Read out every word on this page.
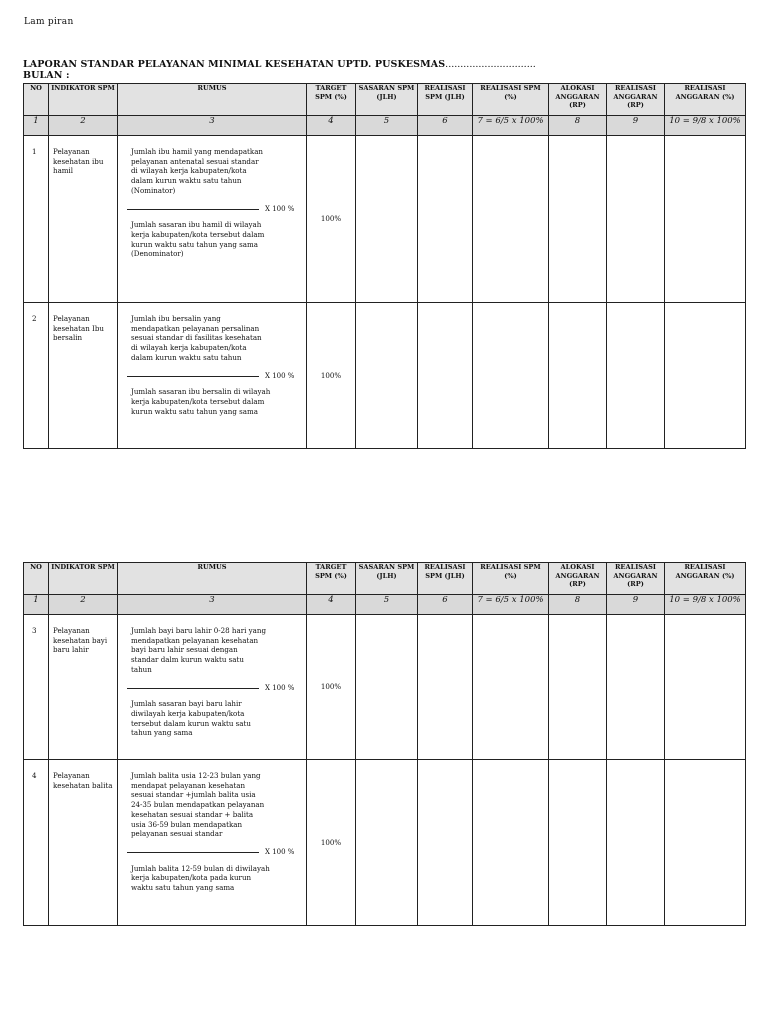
Lam piran
LAPORAN STANDAR PELAYANAN MINIMAL KESEHATAN UPTD. PUSKESMAS..............................
BULAN :
NO	INDIKATOR SPM	RUMUS	TARGET SPM (%)	SASARAN SPM (JLH)	REALISASI SPM (JLH)	REALISASI SPM (%)	ALOKASI ANGGARAN (RP)	REALISASI ANGGARAN (RP)	REALISASI ANGGARAN (%)
1	2	3	4	5	6	7 = 6/5 x 100%	8	9	10 = 9/8 x 100%
1	Pelayanan kesehatan ibu hamil	Jumlah ibu hamil yang mendapatkan pelayanan antenatal sesuai standar di wilayah kerja kabupaten/kota dalam kurun waktu satu tahun (Nominator)
X 100 %
Jumlah sasaran ibu hamil di wilayah kerja kabupaten/kota tersebut dalam kurun waktu satu tahun yang sama (Denominator)	100%						
2	Pelayanan kesehatan Ibu bersalin	Jumlah ibu bersalin yang mendapatkan pelayanan persalinan sesuai standar di fasilitas kesehatan di wilayah kerja kabupaten/kota dalam kurun waktu satu tahun
X 100 %
Jumlah sasaran ibu bersalin di wilayah kerja kabupaten/kota tersebut dalam kurun waktu satu tahun yang sama	100%						
NO	INDIKATOR SPM	RUMUS	TARGET SPM (%)	SASARAN SPM (JLH)	REALISASI SPM (JLH)	REALISASI SPM (%)	ALOKASI ANGGARAN (RP)	REALISASI ANGGARAN (RP)	REALISASI ANGGARAN (%)
1	2	3	4	5	6	7 = 6/5 x 100%	8	9	10 = 9/8 x 100%
3	Pelayanan kesehatan bayi baru lahir	Jumlah bayi baru lahir 0-28 hari yang mendapatkan pelayanan kesehatan bayi baru lahir sesuai dengan standar dalm kurun waktu satu tahun
X 100 %
Jumlah sasaran bayi baru lahir diwilayah kerja kabupaten/kota tersebut dalam kurun waktu satu tahun yang sama	100%						
4	Pelayanan kesehatan balita	Jumlah balita usia 12-23 bulan yang mendapat pelayanan kesehatan sesuai standar +jumlah balita usia 24-35 bulan mendapatkan pelayanan kesehatan sesuai standar + balita usia 36-59 bulan mendapatkan pelayanan sesuai standar
X 100 %
Jumlah balita 12-59 bulan di diwilayah kerja kabupaten/kota pada kurun waktu satu tahun yang sama	100%						
